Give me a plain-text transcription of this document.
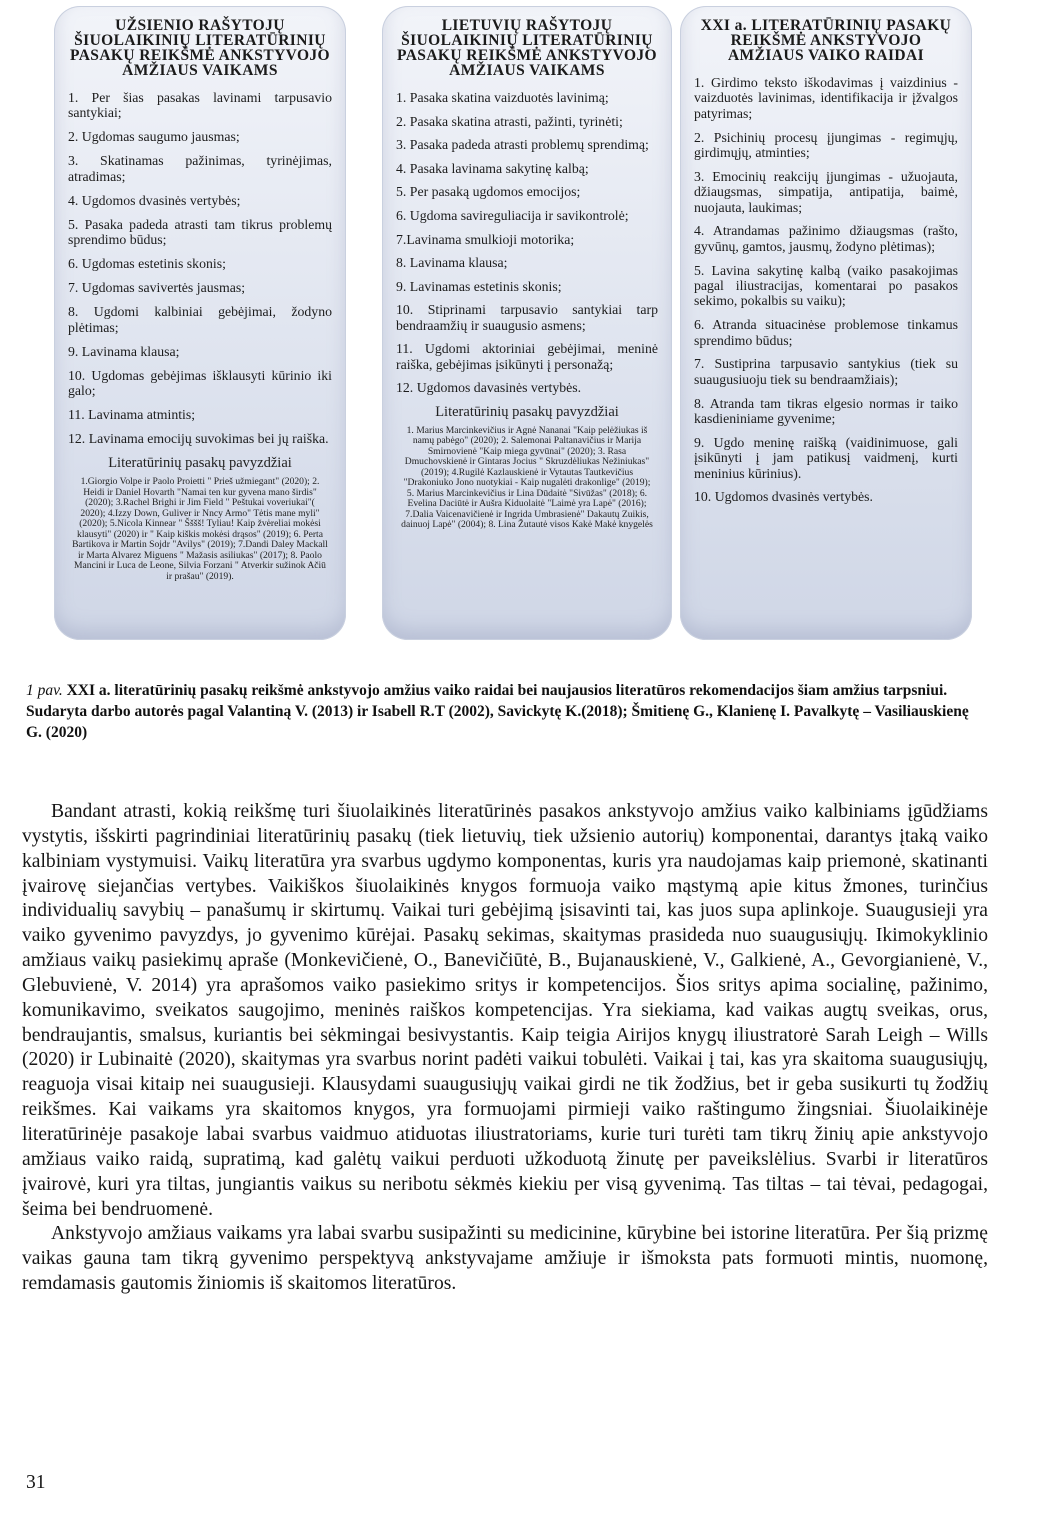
UŽSIENIO RAŠYTOJŲ ŠIUOLAIKINIŲ LITERATŪRINIŲ PASAKŲ REIKŠMĖ ANKSTYVOJO AMŽIAUS VAIKAMS
1. Per šias pasakas lavinami tarpusavio santykiai;
2. Ugdomas saugumo jausmas;
3. Skatinamas pažinimas, tyrinėjimas, atradimas;
4. Ugdomos dvasinės vertybės;
5. Pasaka padeda atrasti tam tikrus problemų sprendimo būdus;
6. Ugdomas estetinis skonis;
7. Ugdomas savivertės jausmas;
8. Ugdomi kalbiniai gebėjimai, žodyno plėtimas;
9. Lavinama klausa;
10. Ugdomas gebėjimas išklausyti kūrinio iki galo;
11. Lavinama atmintis;
12. Lavinama emocijų suvokimas bei jų raiška.
Literatūrinių pasakų pavyzdžiai
1.Giorgio Volpe ir Paolo Proietti " Prieš užmiegant" (2020); 2. Heidi ir Daniel Hovarth "Namai ten kur gyvena mano širdis" (2020); 3.Rachel Brighi ir Jim Field " Peštukai voveriukai"( 2020); 4.Izzy Down, Guliver ir Nncy Armo" Tėtis mane myli" (2020); 5.Nicola Kinnear " Šššš! Tyliau! Kaip žvėreliai mokėsi klausyti" (2020) ir " Kaip kiškis mokėsi drąsos" (2019); 6. Perta Bartikova ir Martin Sojdr "Avilys" (2019); 7.Dandi Daley Mackall ir Marta Alvarez Miguens " Mažasis asiliukas" (2017); 8. Paolo Mancini ir Luca de Leone, Silvia Forzani " Atverkir sužinok Ačiū ir prašau" (2019).
LIETUVIŲ RAŠYTOJŲ ŠIUOLAIKINIŲ LITERATŪRINIŲ PASAKŲ REIKŠMĖ ANKSTYVOJO AMŽIAUS VAIKAMS
1. Pasaka skatina vaizduotės lavinimą;
2. Pasaka skatina atrasti, pažinti, tyrinėti;
3. Pasaka padeda atrasti problemų sprendimą;
4. Pasaka lavinama sakytinę kalbą;
5. Per pasaką ugdomos emocijos;
6. Ugdoma savireguliacija ir savikontrolė;
7.Lavinama smulkioji motorika;
8. Lavinama klausa;
9. Lavinamas estetinis skonis;
10. Stiprinami tarpusavio santykiai tarp bendraamžių ir suaugusio asmens;
11. Ugdomi aktoriniai gebėjimai, meninė raiška, gebėjimas įsikūnyti į personažą;
12. Ugdomos davasinės vertybės.
Literatūrinių pasakų pavyzdžiai
1. Marius Marcinkevičius ir Agnė Nananai "Kaip pelėžiukas iš namų pabėgo" (2020); 2. Salemonai Paltanavičius ir Marija Smirnovienė "Kaip miega gyvūnai" (2020); 3. Rasa Dmuchovskienė ir Gintaras Jocius " Skruzdėliukas Nežiniukas" (2019); 4.Rugilė Kazlauskienė ir Vytautas Tautkevičius "Drakoniuko Jono nuotykiai - Kaip nugalėti drakonlige" (2019); 5. Marius Marcinkevičius ir Lina Dūdaitė "Sivūžas" (2018); 6. Evelina Daciūtė ir Aušra Kiduolaitė "Laimė yra Lapė" (2016); 7.Dalia Vaicenavičienė ir Ingrida Umbrasienė" Dakautų Zuikis, dainuoj Lapė" (2004); 8. Lina Žutautė visos Kakė Makė knygelės
XXI a. LITERATŪRINIŲ PASAKŲ REIKŠMĖ ANKSTYVOJO AMŽIAUS VAIKO RAIDAI
1. Girdimo teksto iškodavimas į vaizdinius - vaizduotės lavinimas, identifikacija ir įžvalgos patyrimas;
2. Psichinių procesų įjungimas - regimųjų, girdimųjų, atminties;
3. Emocinių reakcijų įjungimas - užuojauta, džiaugsmas, simpatija, antipatija, baimė, nuojauta, laukimas;
4. Atrandamas pažinimo džiaugsmas (rašto, gyvūnų, gamtos, jausmų, žodyno plėtimas);
5. Lavina sakytinę kalbą (vaiko pasakojimas pagal iliustracijas, komentarai po pasakos sekimo, pokalbis su vaiku);
6. Atranda situacinėse problemose tinkamus sprendimo būdus;
7. Sustiprina tarpusavio santykius (tiek su suaugusiuoju tiek su bendraamžiais);
8. Atranda tam tikras elgesio normas ir taiko kasdieniniame gyvenime;
9. Ugdo meninę raišką (vaidinimuose, gali įsikūnyti į jam patikusį vaidmenį, kurti meninius kūrinius).
10. Ugdomos dvasinės vertybės.
1 pav. XXI a. literatūrinių pasakų reikšmė ankstyvojo amžius vaiko raidai bei naujausios literatūros rekomendacijos šiam amžius tarpsniui.
Sudaryta darbo autorės pagal Valantiną V. (2013) ir Isabell R.T (2002), Savickytę K.(2018); Šmitienę G., Klanienę I. Pavalkytę – Vasiliauskienę G. (2020)

Bandant atrasti, kokią reikšmę turi šiuolaikinės literatūrinės pasakos ankstyvojo amžius vaiko kalbiniams įgūdžiams vystytis, išskirti pagrindiniai literatūrinių pasakų (tiek lietuvių, tiek užsienio autorių) komponentai, darantys įtaką vaiko kalbiniam vystymuisi. Vaikų literatūra yra svarbus ugdymo komponentas, kuris yra naudojamas kaip priemonė, skatinanti įvairovę siejančias vertybes. Vaikiškos šiuolaikinės knygos formuoja vaiko mąstymą apie kitus žmones, turinčius individualių savybių – panašumų ir skirtumų. Vaikai turi gebėjimą įsisavinti tai, kas juos supa aplinkoje. Suaugusieji yra vaiko gyvenimo pavyzdys, jo gyvenimo kūrėjai. Pasakų sekimas, skaitymas prasideda nuo suaugusiųjų. Ikimokyklinio amžiaus vaikų pasiekimų apraše (Monkevičienė, O., Banevičiūtė, B., Bujanauskienė, V., Galkienė, A., Gevorgianienė, V., Glebuvienė, V. 2014) yra aprašomos vaiko pasiekimo sritys ir kompetencijos. Šios sritys apima socialinę, pažinimo, komunikavimo, sveikatos saugojimo, meninės raiškos kompetencijas. Yra siekiama, kad vaikas augtų sveikas, orus, bendraujantis, smalsus, kuriantis bei sėkmingai besivystantis. Kaip teigia Airijos knygų iliustratorė Sarah Leigh – Wills (2020) ir Lubinaitė (2020), skaitymas yra svarbus norint padėti vaikui tobulėti. Vaikai į tai, kas yra skaitoma suaugusiųjų, reaguoja visai kitaip nei suaugusieji. Klausydami suaugusiųjų vaikai girdi ne tik žodžius, bet ir geba susikurti tų žodžių reikšmes. Kai vaikams yra skaitomos knygos, yra formuojami pirmieji vaiko raštingumo žingsniai. Šiuolaikinėje literatūrinėje pasakoje labai svarbus vaidmuo atiduotas iliustratoriams, kurie turi turėti tam tikrų žinių apie ankstyvojo amžiaus vaiko raidą, supratimą, kad galėtų vaikui perduoti užkoduotą žinutę per paveikslėlius. Svarbi ir literatūros įvairovė, kuri yra tiltas, jungiantis vaikus su neribotu sėkmės kiekiu per visą gyvenimą. Tas tiltas – tai tėvai, pedagogai, šeima bei bendruomenė.

Ankstyvojo amžiaus vaikams yra labai svarbu susipažinti su medicinine, kūrybine bei istorine literatūra. Per šią prizmę vaikas gauna tam tikrą gyvenimo perspektyvą ankstyvajame amžiuje ir išmoksta pats formuoti mintis, nuomonę, remdamasis gautomis žiniomis iš skaitomos literatūros.

31
